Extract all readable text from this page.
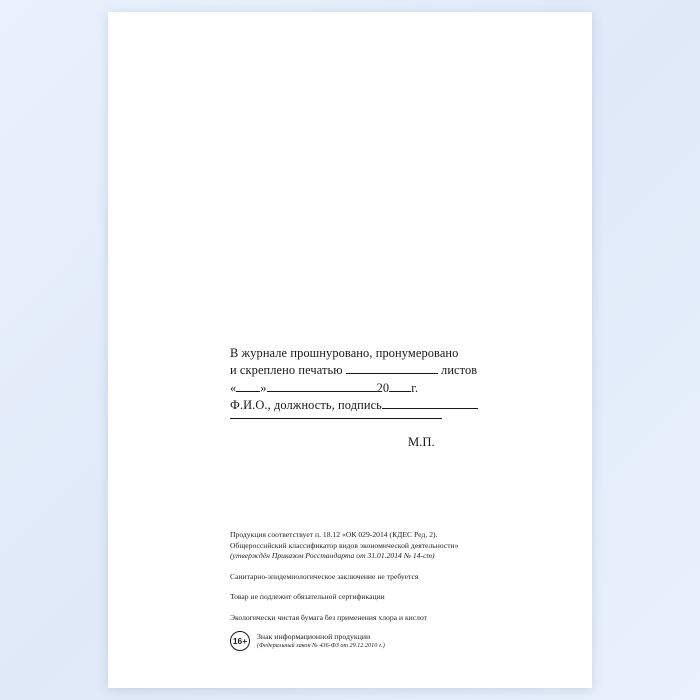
В журнале прошнуровано, пронумеровано
и скреплено печатью	листов
« »	20 г.
Ф.И.О., должность, подпись
М.П.

Продукция соответствует п. 18.12 «ОК 029-2014 (КДЕС Ред. 2).

Общероссийский классификатор видов экономической деятельности»

(утверждён Приказом Росстандарта от 31.01.2014 № 14-ст)

Санитарно-эпидемиологическое заключение не требуется

Товар не подлежит обязательной сертификации

Экологически чистая бумага без применения хлора и кислот

16+	Знак информационной продукции
(Федеральный закон № 436-ФЗ от 29.12.2010 г.)
